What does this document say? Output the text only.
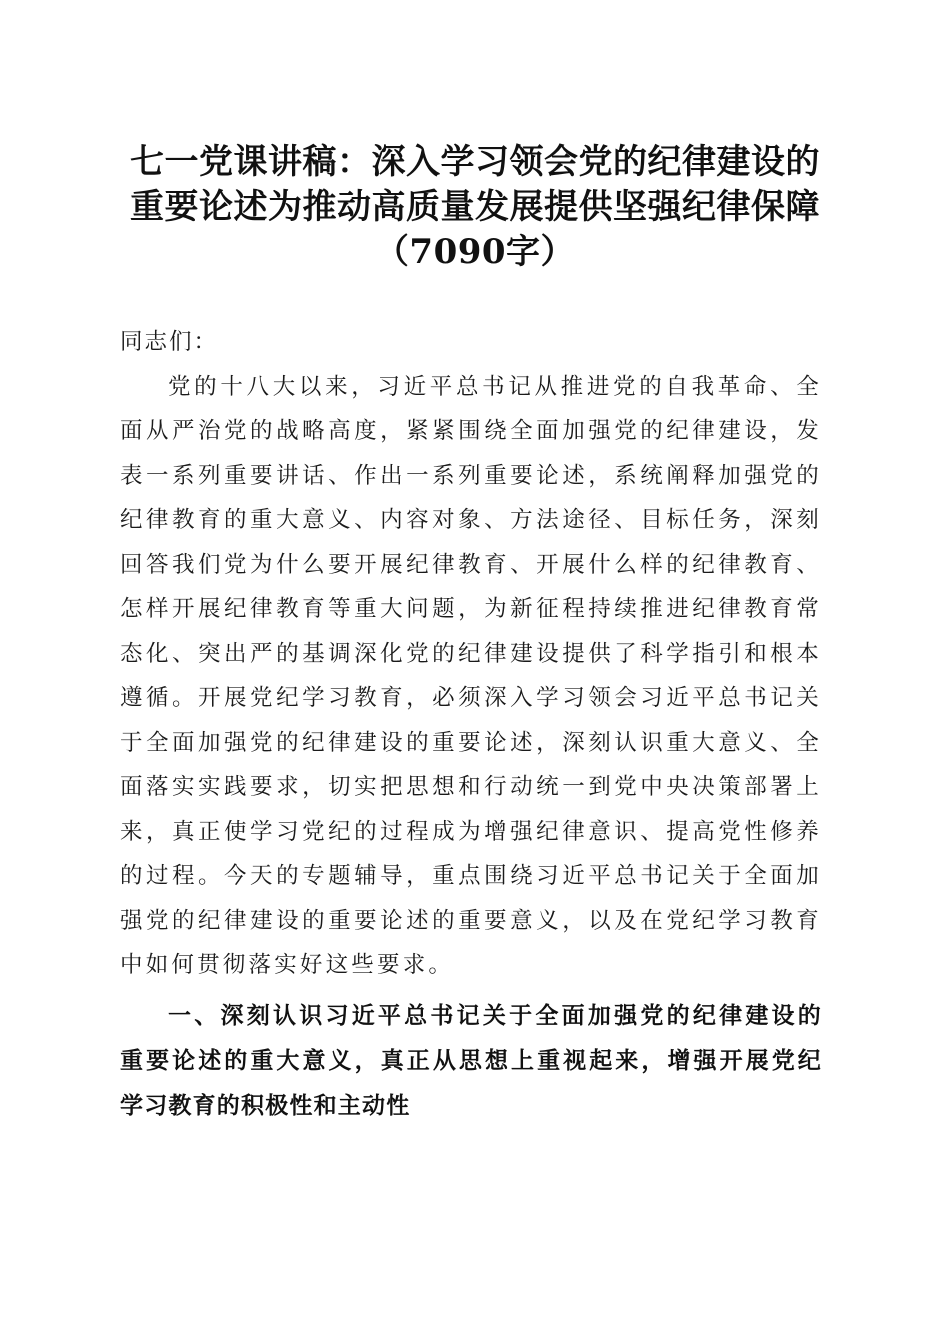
七一党课讲稿：深入学习领会党的纪律建设的
重要论述为推动高质量发展提供坚强纪律保障
（7090字）

同志们：

党的十八大以来，习近平总书记从推进党的自我革命、全
面从严治党的战略高度，紧紧围绕全面加强党的纪律建设，发
表一系列重要讲话、作出一系列重要论述，系统阐释加强党的
纪律教育的重大意义、内容对象、方法途径、目标任务，深刻
回答我们党为什么要开展纪律教育、开展什么样的纪律教育、
怎样开展纪律教育等重大问题，为新征程持续推进纪律教育常
态化、突出严的基调深化党的纪律建设提供了科学指引和根本
遵循。开展党纪学习教育，必须深入学习领会习近平总书记关
于全面加强党的纪律建设的重要论述，深刻认识重大意义、全
面落实实践要求，切实把思想和行动统一到党中央决策部署上
来，真正使学习党纪的过程成为增强纪律意识、提高党性修养
的过程。今天的专题辅导，重点围绕习近平总书记关于全面加
强党的纪律建设的重要论述的重要意义，以及在党纪学习教育
中如何贯彻落实好这些要求。
一、深刻认识习近平总书记关于全面加强党的纪律建设的
重要论述的重大意义，真正从思想上重视起来，增强开展党纪
学习教育的积极性和主动性
